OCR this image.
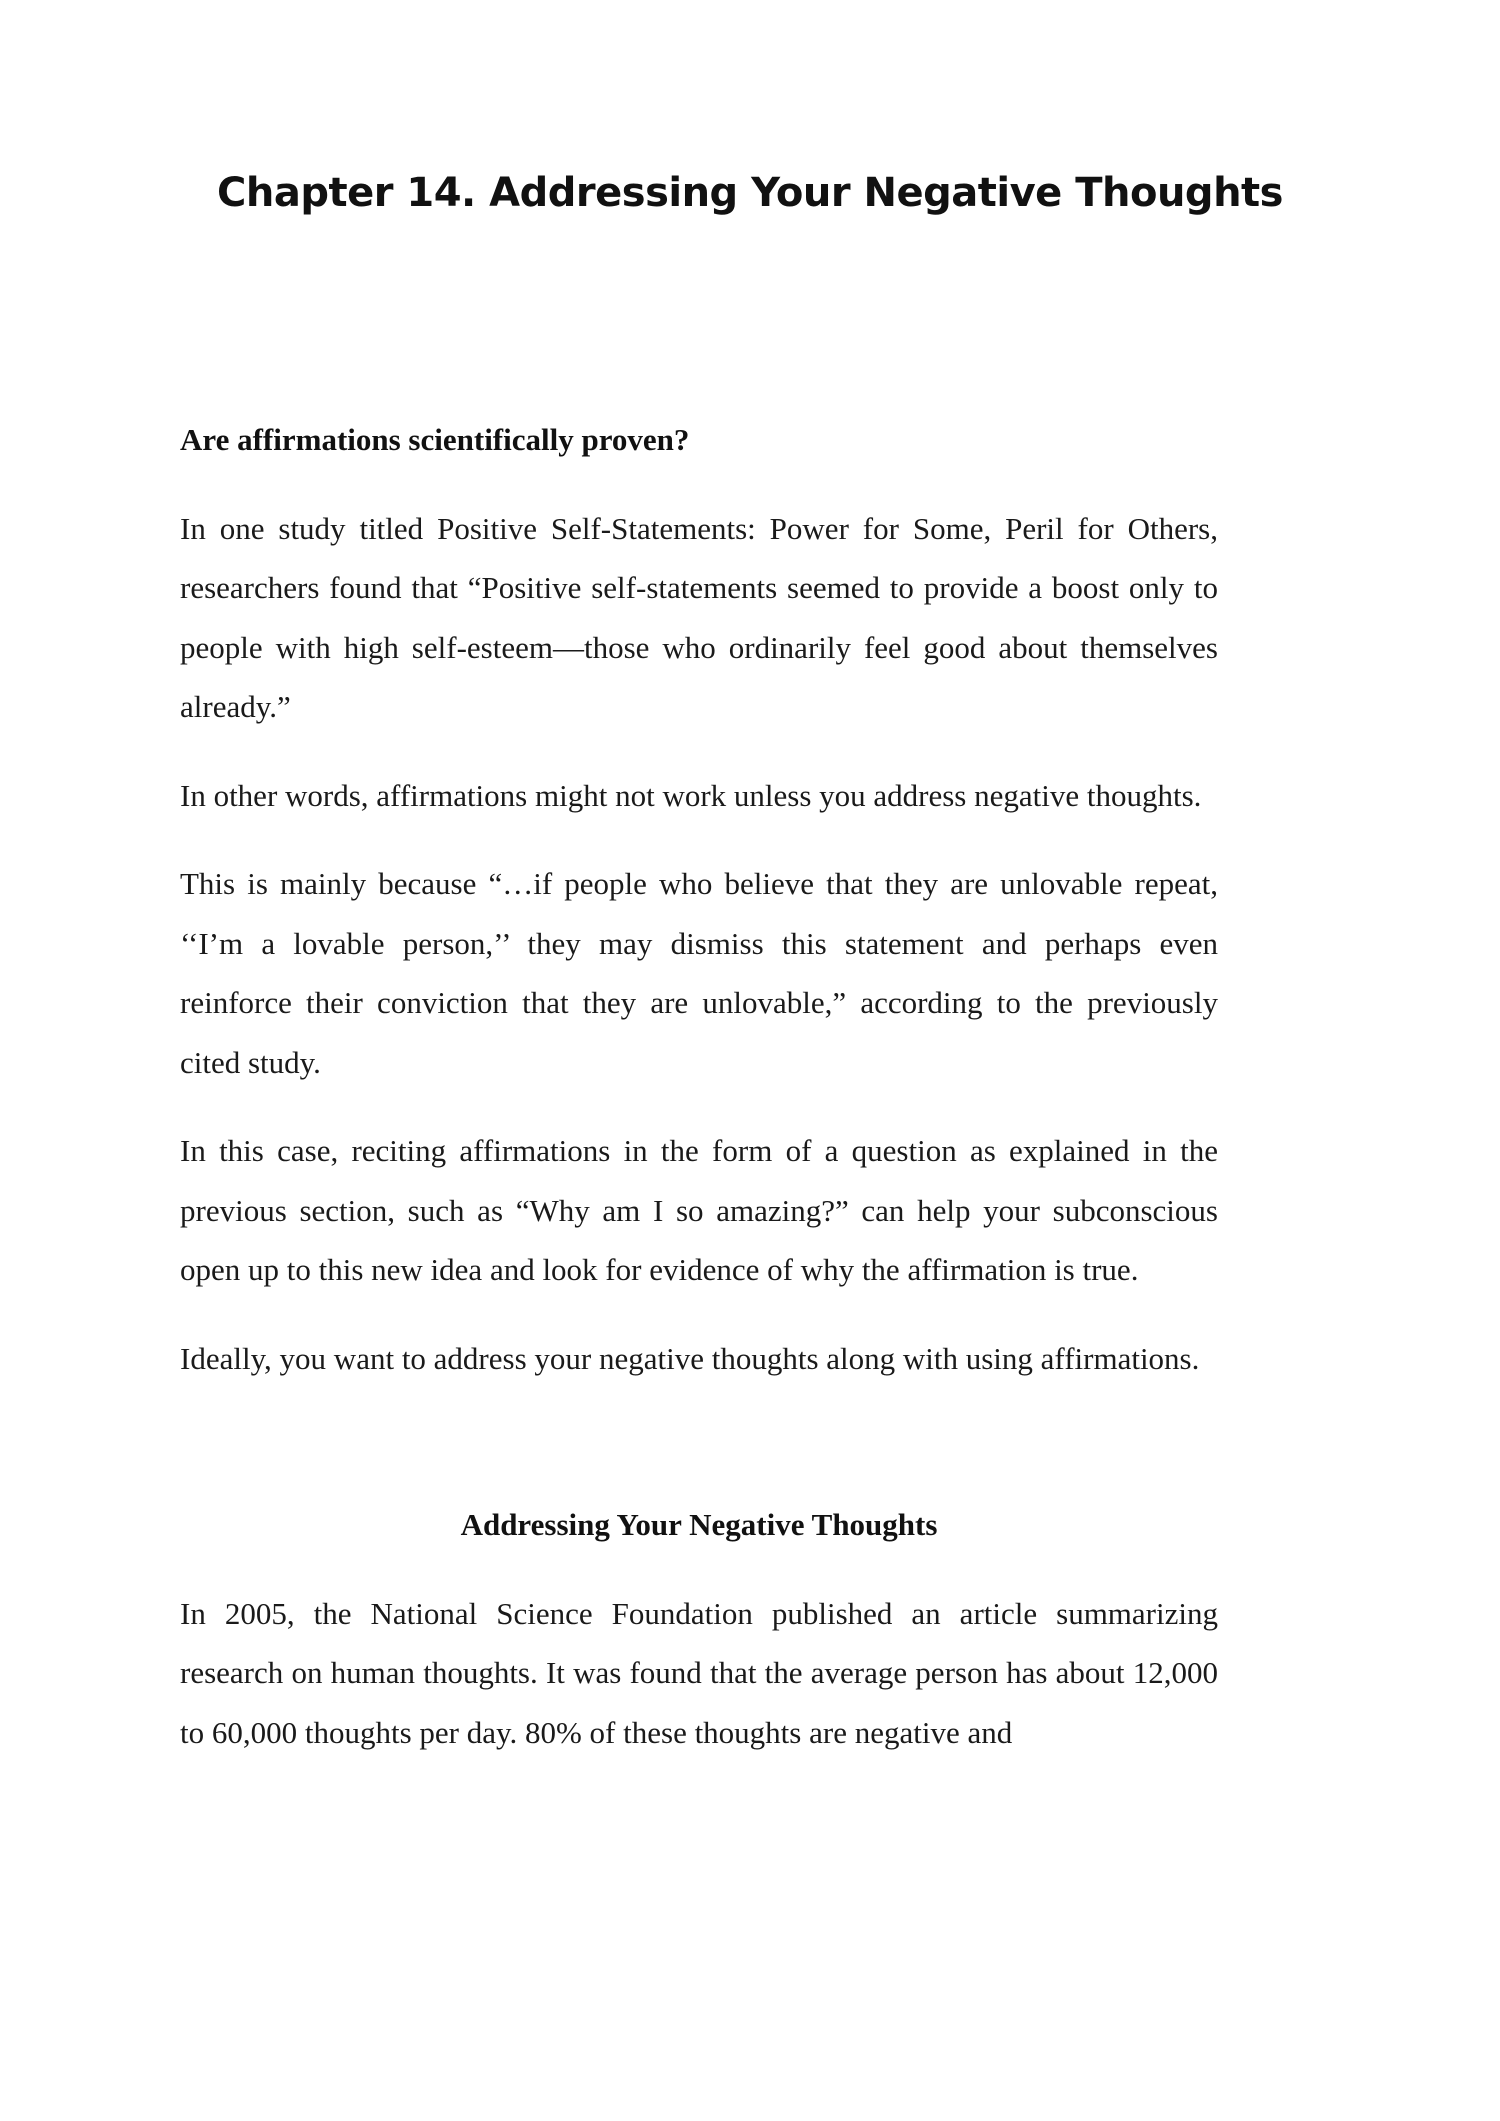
Chapter 14. Addressing Your Negative Thoughts
Are affirmations scientifically proven?

In one study titled Positive Self-Statements: Power for Some, Peril for Others, researchers found that “Positive self-statements seemed to provide a boost only to people with high self-esteem—those who ordinarily feel good about themselves already.”

In other words, affirmations might not work unless you address negative thoughts.

This is mainly because “…if people who believe that they are unlovable repeat, ‘‘I’m a lovable person,’’ they may dismiss this statement and perhaps even reinforce their conviction that they are unlovable,” according to the previously cited study.

In this case, reciting affirmations in the form of a question as explained in the previous section, such as “Why am I so amazing?” can help your subconscious open up to this new idea and look for evidence of why the affirmation is true.

Ideally, you want to address your negative thoughts along with using affirmations.

Addressing Your Negative Thoughts

In 2005, the National Science Foundation published an article summarizing research on human thoughts. It was found that the average person has about 12,000 to 60,000 thoughts per day. 80% of these thoughts are negative and
